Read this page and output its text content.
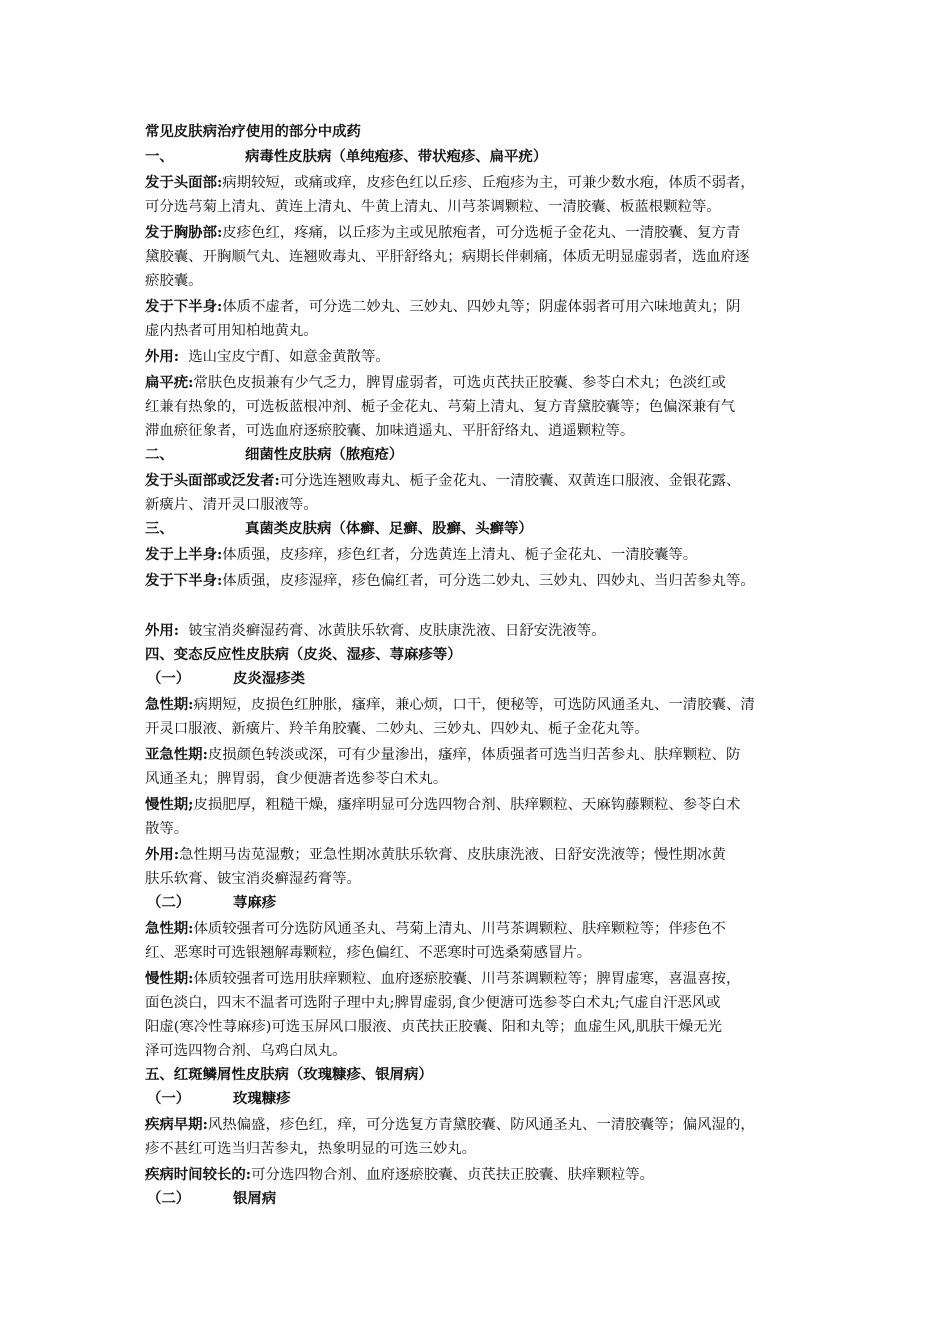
常见皮肤病治疗使用的部分中成药

一、	病毒性皮肤病（单纯疱疹、带状疱疹、扁平疣）

发于头面部:病期较短，或痛或痒，皮疹色红以丘疹、丘疱疹为主，可兼少数水疱，体质不弱者，

可分选芎菊上清丸、黄连上清丸、牛黄上清丸、川芎茶调颗粒、一清胶囊、板蓝根颗粒等。

发于胸胁部:皮疹色红，疼痛，以丘疹为主或见脓疱者，可分选栀子金花丸、一清胶囊、复方青

黛胶囊、开胸顺气丸、连翘败毒丸、平肝舒络丸；病期长伴刺痛，体质无明显虚弱者，选血府逐

瘀胶囊。

发于下半身:体质不虚者，可分选二妙丸、三妙丸、四妙丸等；阴虚体弱者可用六味地黄丸；阴

虚内热者可用知柏地黄丸。

外用: 选山宝皮宁酊、如意金黄散等。

扁平疣:常肤色皮损兼有少气乏力，脾胃虚弱者，可选贞芪扶正胶囊、参苓白术丸；色淡红或

红兼有热象的，可选板蓝根冲剂、栀子金花丸、芎菊上清丸、复方青黛胶囊等；色偏深兼有气

滞血瘀征象者，可选血府逐瘀胶囊、加味逍遥丸、平肝舒络丸、逍遥颗粒等。

二、	细菌性皮肤病（脓疱疮）

发于头面部或泛发者:可分选连翘败毒丸、栀子金花丸、一清胶囊、双黄连口服液、金银花露、

新癀片、清开灵口服液等。

三、	真菌类皮肤病（体癣、足癣、股癣、头癣等）

发于上半身:体质强，皮疹痒，疹色红者，分选黄连上清丸、栀子金花丸、一清胶囊等。

发于下半身:体质强，皮疹湿痒，疹色偏红者，可分选二妙丸、三妙丸、四妙丸、当归苦参丸等。

外用: 铍宝消炎癣湿药膏、冰黄肤乐软膏、皮肤康洗液、日舒安洗液等。

四、变态反应性皮肤病（皮炎、湿疹、荨麻疹等）

（一）	皮炎湿疹类

急性期:病期短，皮损色红肿胀，瘙痒，兼心烦，口干，便秘等，可选防风通圣丸、一清胶囊、清

开灵口服液、新癀片、羚羊角胶囊、二妙丸、三妙丸、四妙丸、栀子金花丸等。

亚急性期:皮损颜色转淡或深，可有少量渗出，瘙痒，体质强者可选当归苦参丸、肤痒颗粒、防

风通圣丸；脾胃弱，食少便溏者选参苓白术丸。

慢性期;皮损肥厚，粗糙干燥，瘙痒明显可分选四物合剂、肤痒颗粒、天麻钩藤颗粒、参苓白术

散等。

外用:急性期马齿苋湿敷；亚急性期冰黄肤乐软膏、皮肤康洗液、日舒安洗液等；慢性期冰黄

肤乐软膏、铍宝消炎癣湿药膏等。

（二）	荨麻疹

急性期:体质较强者可分选防风通圣丸、芎菊上清丸、川芎茶调颗粒、肤痒颗粒等；伴疹色不

红、恶寒时可选银翘解毒颗粒，疹色偏红、不恶寒时可选桑菊感冒片。

慢性期:体质较强者可选用肤痒颗粒、血府逐瘀胶囊、川芎茶调颗粒等；脾胃虚寒，喜温喜按，

面色淡白，四末不温者可选附子理中丸;脾胃虚弱,食少便溏可选参苓白术丸;气虚自汗恶风或

阳虚(寒冷性荨麻疹)可选玉屏风口服液、贞芪扶正胶囊、阳和丸等；血虚生风,肌肤干燥无光

泽可选四物合剂、乌鸡白凤丸。

五、红斑鳞屑性皮肤病（玫瑰糠疹、银屑病）

（一）	玫瑰糠疹

疾病早期:风热偏盛，疹色红，痒，可分选复方青黛胶囊、防风通圣丸、一清胶囊等；偏风湿的，

疹不甚红可选当归苦参丸，热象明显的可选三妙丸。

疾病时间较长的:可分选四物合剂、血府逐瘀胶囊、贞芪扶正胶囊、肤痒颗粒等。

（二）	银屑病
